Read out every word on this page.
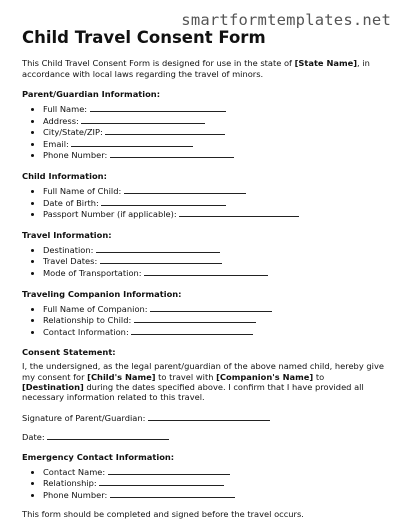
smartformtemplates.net
Child Travel Consent Form

This Child Travel Consent Form is designed for use in the state of [State Name], in accordance with local laws regarding the travel of minors.

Parent/Guardian Information:
• Full Name:
• Address:
• City/State/ZIP:
• Email:
• Phone Number:
Child Information:
• Full Name of Child:
• Date of Birth:
• Passport Number (if applicable):
Travel Information:
• Destination:
• Travel Dates:
• Mode of Transportation:
Traveling Companion Information:
• Full Name of Companion:
• Relationship to Child:
• Contact Information:
Consent Statement:

I, the undersigned, as the legal parent/guardian of the above named child, hereby give my consent for [Child's Name] to travel with [Companion's Name] to [Destination] during the dates specified above. I confirm that I have provided all necessary information related to this travel.

Signature of Parent/Guardian:
Date:
Emergency Contact Information:
• Contact Name:
• Relationship:
• Phone Number:
This form should be completed and signed before the travel occurs.
